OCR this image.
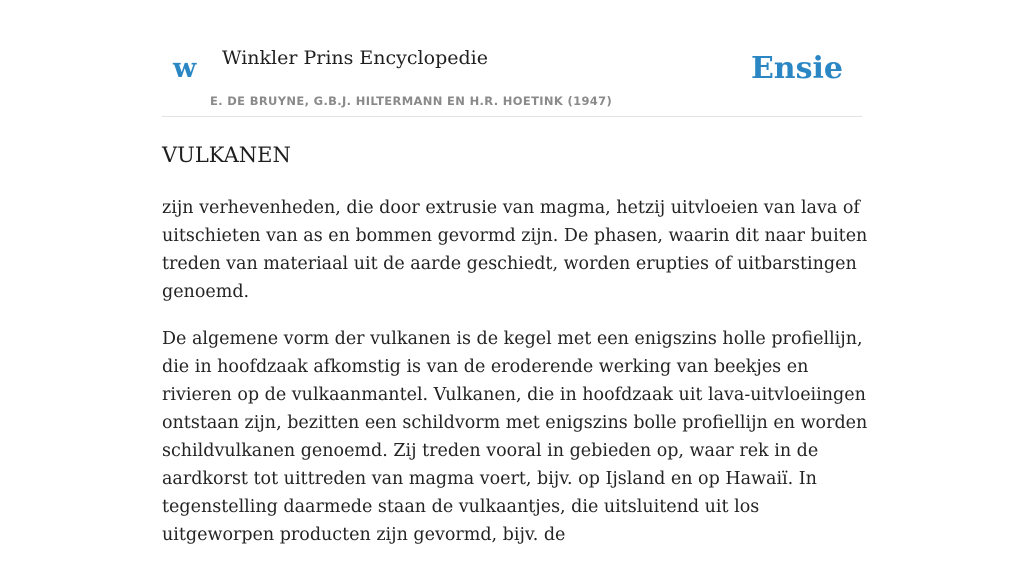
w Winkler Prins Encyclopedie
E. DE BRUYNE, G.B.J. HILTERMANN EN H.R. HOETINK (1947)
Ensie
VULKANEN

zijn verhevenheden, die door extrusie van magma, hetzij uitvloeien van lava of uitschieten van as en bommen gevormd zijn. De phasen, waarin dit naar buiten treden van materiaal uit de aarde geschiedt, worden erupties of uitbarstingen genoemd.

De algemene vorm der vulkanen is de kegel met een enigszins holle profiellijn, die in hoofdzaak afkomstig is van de eroderende werking van beekjes en rivieren op de vulkaanmantel. Vulkanen, die in hoofdzaak uit lava-uitvloeiingen ontstaan zijn, bezitten een schildvorm met enigszins bolle profiellijn en worden schildvulkanen genoemd. Zij treden vooral in gebieden op, waar rek in de aardkorst tot uittreden van magma voert, bijv. op Ijsland en op Hawaiï. In tegenstelling daarmede staan de vulkaantjes, die uitsluitend uit los uitgeworpen producten zijn gevormd, bijv. de
